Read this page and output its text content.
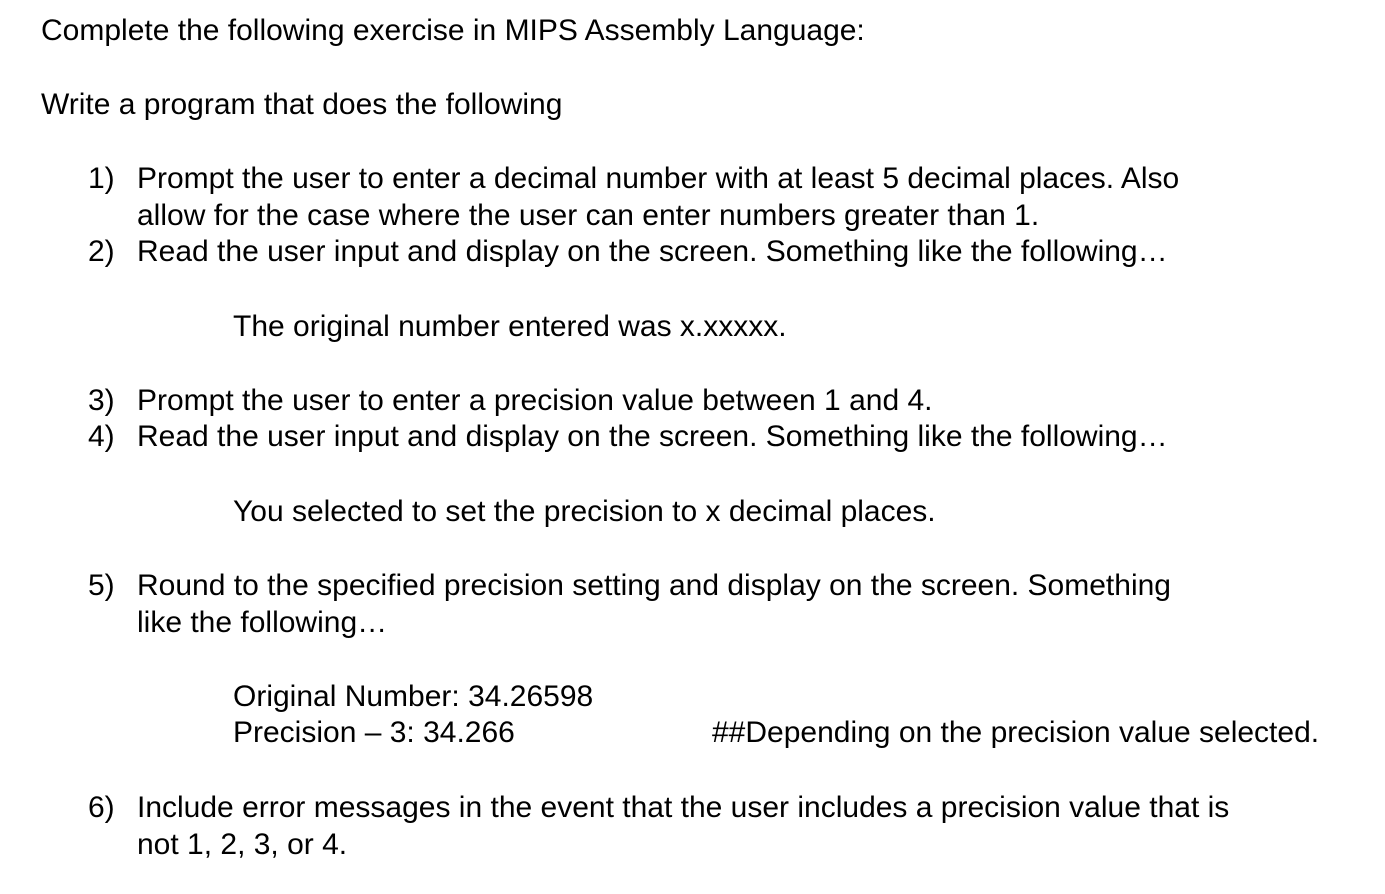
Complete the following exercise in MIPS Assembly Language:
Write a program that does the following
1) Prompt the user to enter a decimal number with at least 5 decimal places. Also
allow for the case where the user can enter numbers greater than 1.
2) Read the user input and display on the screen. Something like the following…
The original number entered was x.xxxxx.
3) Prompt the user to enter a precision value between 1 and 4.
4) Read the user input and display on the screen. Something like the following…
You selected to set the precision to x decimal places.
5) Round to the specified precision setting and display on the screen. Something
like the following…
Original Number: 34.26598
Precision – 3: 34.266	##Depending on the precision value selected.
6) Include error messages in the event that the user includes a precision value that is
not 1, 2, 3, or 4.
